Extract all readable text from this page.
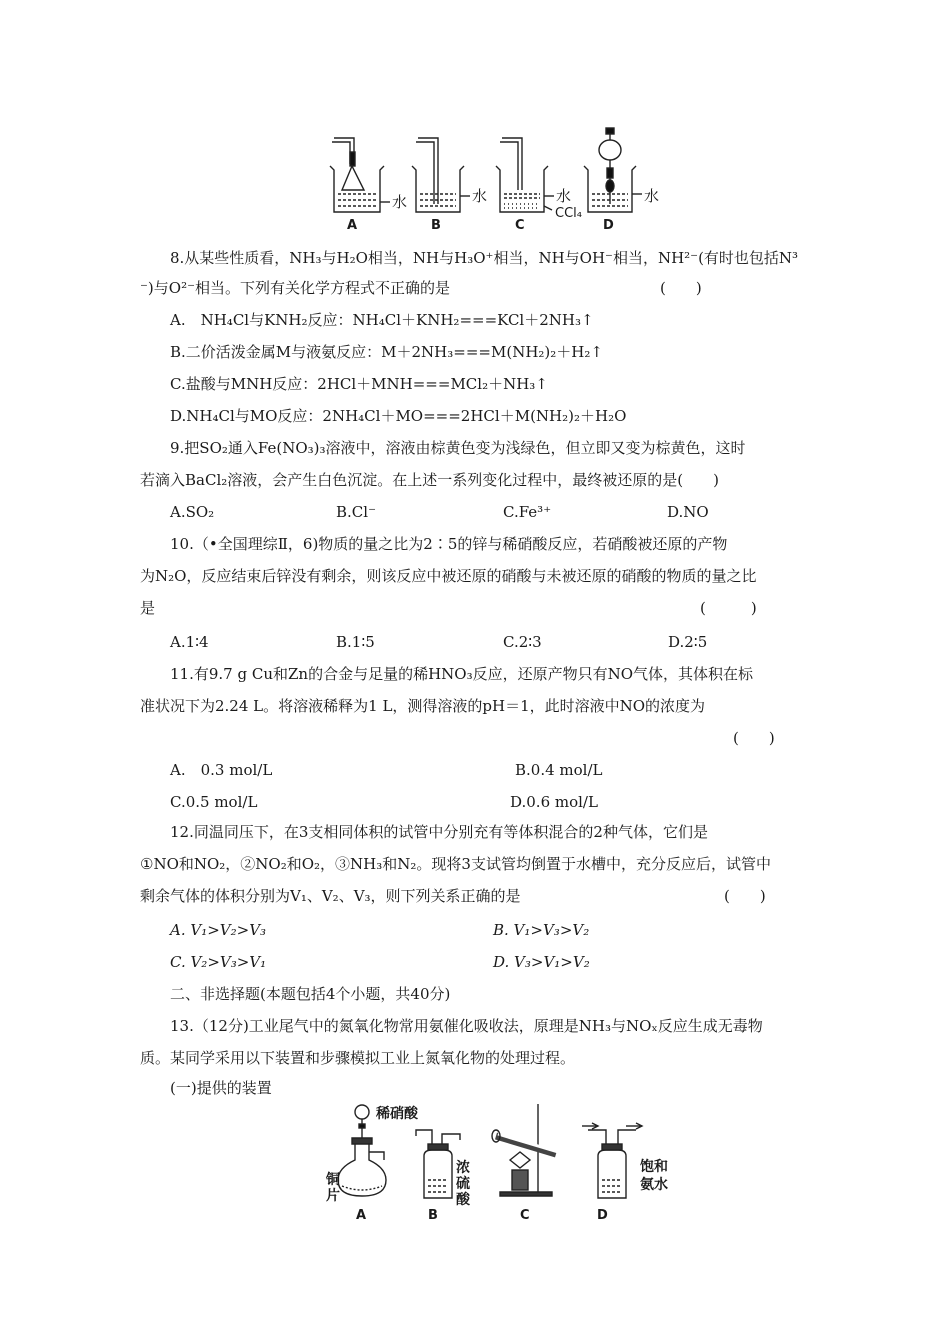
A	B	C	D
水	水	水
CCl₄
水
8.从某些性质看，NH₃与H₂O相当，NH与H₃O⁺相当，NH与OH⁻相当，NH²⁻(有时也包括N³
⁻)与O²⁻相当。下列有关化学方程式不正确的是	(　　)
A.　NH₄Cl与KNH₂反应：NH₄Cl＋KNH₂===KCl＋2NH₃↑
B.二价活泼金属M与液氨反应：M＋2NH₃===M(NH₂)₂＋H₂↑
C.盐酸与MNH反应：2HCl＋MNH===MCl₂＋NH₃↑
D.NH₄Cl与MO反应：2NH₄Cl＋MO===2HCl＋M(NH₂)₂＋H₂O
9.把SO₂通入Fe(NO₃)₃溶液中，溶液由棕黄色变为浅绿色，但立即又变为棕黄色，这时
若滴入BaCl₂溶液，会产生白色沉淀。在上述一系列变化过程中，最终被还原的是(　　)
A.SO₂	B.Cl⁻	C.Fe³⁺	D.NO
10.（•全国理综Ⅱ，6)物质的量之比为2∶5的锌与稀硝酸反应，若硝酸被还原的产物
为N₂O，反应结束后锌没有剩余，则该反应中被还原的硝酸与未被还原的硝酸的物质的量之比
是	(　　　)
A.1∶4	B.1∶5	C.2∶3	D.2∶5
11.有9.7 g Cu和Zn的合金与足量的稀HNO₃反应，还原产物只有NO气体，其体积在标
准状况下为2.24 L。将溶液稀释为1 L，测得溶液的pH＝1，此时溶液中NO的浓度为
(　　)
A.　0.3 mol/L	B.0.4 mol/L
C.0.5 mol/L	D.0.6 mol/L
12.同温同压下，在3支相同体积的试管中分别充有等体积混合的2种气体，它们是
①NO和NO₂，②NO₂和O₂，③NH₃和N₂。现将3支试管均倒置于水槽中，充分反应后，试管中
剩余气体的体积分别为V₁、V₂、V₃，则下列关系正确的是	(　　)
A. V₁>V₂>V₃	B. V₁>V₃>V₂
C. V₂>V₃>V₁	D. V₃>V₁>V₂
二、非选择题(本题包括4个小题，共40分)
13.（12分)工业尾气中的氮氧化物常用氨催化吸收法，原理是NH₃与NOₓ反应生成无毒物
质。某同学采用以下装置和步骤模拟工业上氮氧化物的处理过程。
(一)提供的装置
稀硝酸
铜片
浓硫酸
饱和氨水
A	B	C	D
